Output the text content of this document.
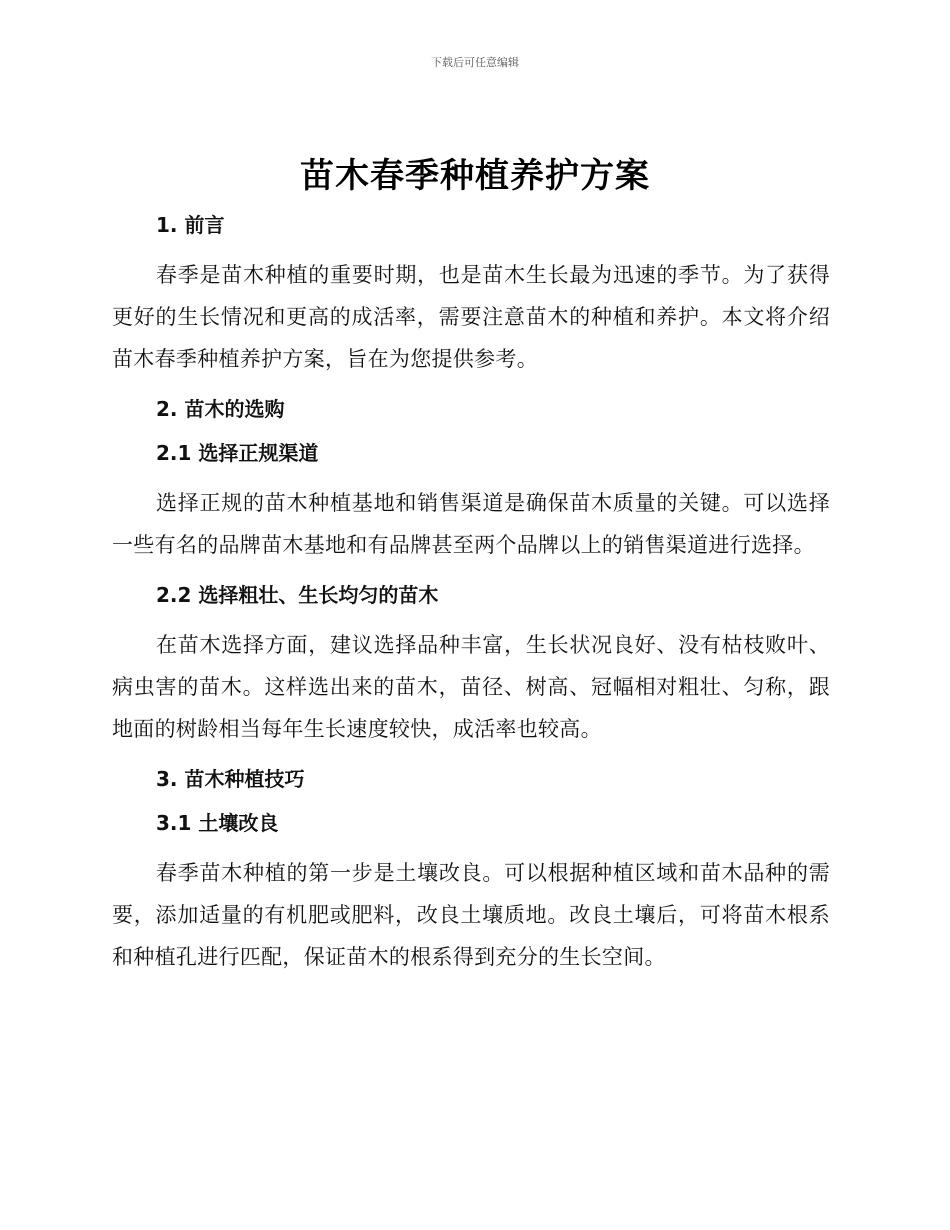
下载后可任意编辑
苗木春季种植养护方案
1. 前言

春季是苗木种植的重要时期，也是苗木生长最为迅速的季节。为了获得更好的生长情况和更高的成活率，需要注意苗木的种植和养护。本文将介绍苗木春季种植养护方案，旨在为您提供参考。

2. 苗木的选购
2.1 选择正规渠道

选择正规的苗木种植基地和销售渠道是确保苗木质量的关键。可以选择一些有名的品牌苗木基地和有品牌甚至两个品牌以上的销售渠道进行选择。

2.2 选择粗壮、生长均匀的苗木

在苗木选择方面，建议选择品种丰富，生长状况良好、没有枯枝败叶、病虫害的苗木。这样选出来的苗木，苗径、树高、冠幅相对粗壮、匀称，跟地面的树龄相当每年生长速度较快，成活率也较高。

3. 苗木种植技巧
3.1 土壤改良

春季苗木种植的第一步是土壤改良。可以根据种植区域和苗木品种的需要，添加适量的有机肥或肥料，改良土壤质地。改良土壤后，可将苗木根系和种植孔进行匹配，保证苗木的根系得到充分的生长空间。
